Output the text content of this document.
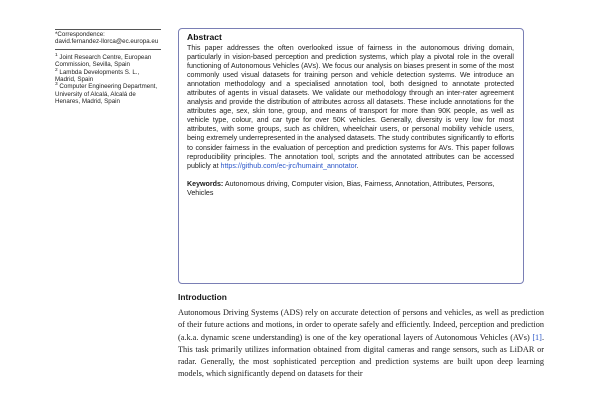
*Correspondence:
david.fernandez-llorca@ec.europa.eu
$^1$ Joint Research Centre, European Commission, Sevilla, Spain
$^2$ Lambda Developments S. L., Madrid, Spain
$^3$ Computer Engineering Department, University of Alcalá, Alcalá de Henares, Madrid, Spain
Abstract
This paper addresses the often overlooked issue of fairness in the autonomous driving domain, particularly in vision-based perception and prediction systems, which play a pivotal role in the overall functioning of Autonomous Vehicles (AVs). We focus our analysis on biases present in some of the most commonly used visual datasets for training person and vehicle detection systems. We introduce an annotation methodology and a specialised annotation tool, both designed to annotate protected attributes of agents in visual datasets. We validate our methodology through an inter-rater agreement analysis and provide the distribution of attributes across all datasets. These include annotations for the attributes age, sex, skin tone, group, and means of transport for more than 90K people, as well as vehicle type, colour, and car type for over 50K vehicles. Generally, diversity is very low for most attributes, with some groups, such as children, wheelchair users, or personal mobility vehicle users, being extremely underrepresented in the analysed datasets. The study contributes significantly to efforts to consider fairness in the evaluation of perception and prediction systems for AVs. This paper follows reproducibility principles. The annotation tool, scripts and the annotated attributes can be accessed publicly at https://github.com/ec-jrc/humaint_annotator.
Keywords: Autonomous driving, Computer vision, Bias, Fairness, Annotation, Attributes, Persons, Vehicles
Introduction

Autonomous Driving Systems (ADS) rely on accurate detection of persons and vehicles, as well as prediction of their future actions and motions, in order to operate safely and efficiently. Indeed, perception and prediction (a.k.a. dynamic scene understanding) is one of the key operational layers of Autonomous Vehicles (AVs) [1]. This task primarily utilizes information obtained from digital cameras and range sensors, such as LiDAR or radar. Generally, the most sophisticated perception and prediction systems are built upon deep learning models, which significantly depend on datasets for their
